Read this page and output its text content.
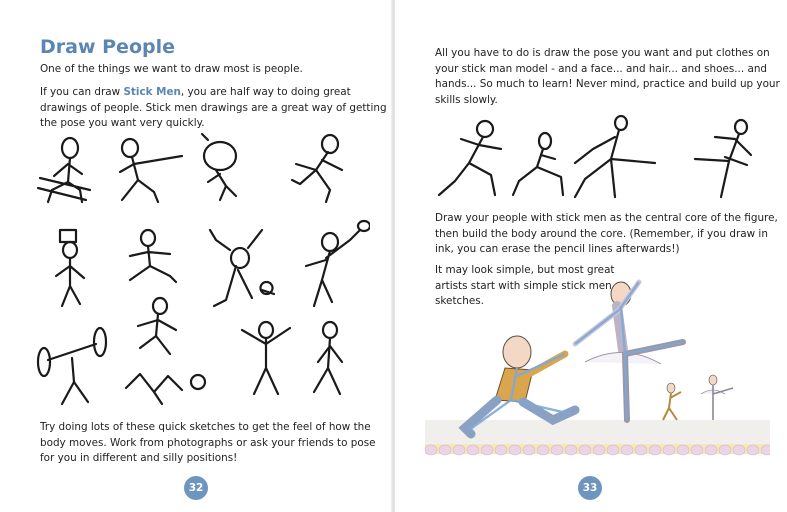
Draw People
One of the things we want to draw most is people.
If you can draw Stick Men, you are half way to doing great drawings of people. Stick men drawings are a great way of getting the pose you want very quickly.
Try doing lots of these quick sketches to get the feel of how the body moves. Work from photographs or ask your friends to pose for you in different and silly positions!
32
All you have to do is draw the pose you want and put clothes on your stick man model - and a face... and hair... and shoes... and hands... So much to learn! Never mind, practice and build up your skills slowly.
Draw your people with stick men as the central core of the figure, then build the body around the core. (Remember, if you draw in ink, you can erase the pencil lines afterwards!)
It may look simple, but most great artists start with simple stick men sketches.
33
